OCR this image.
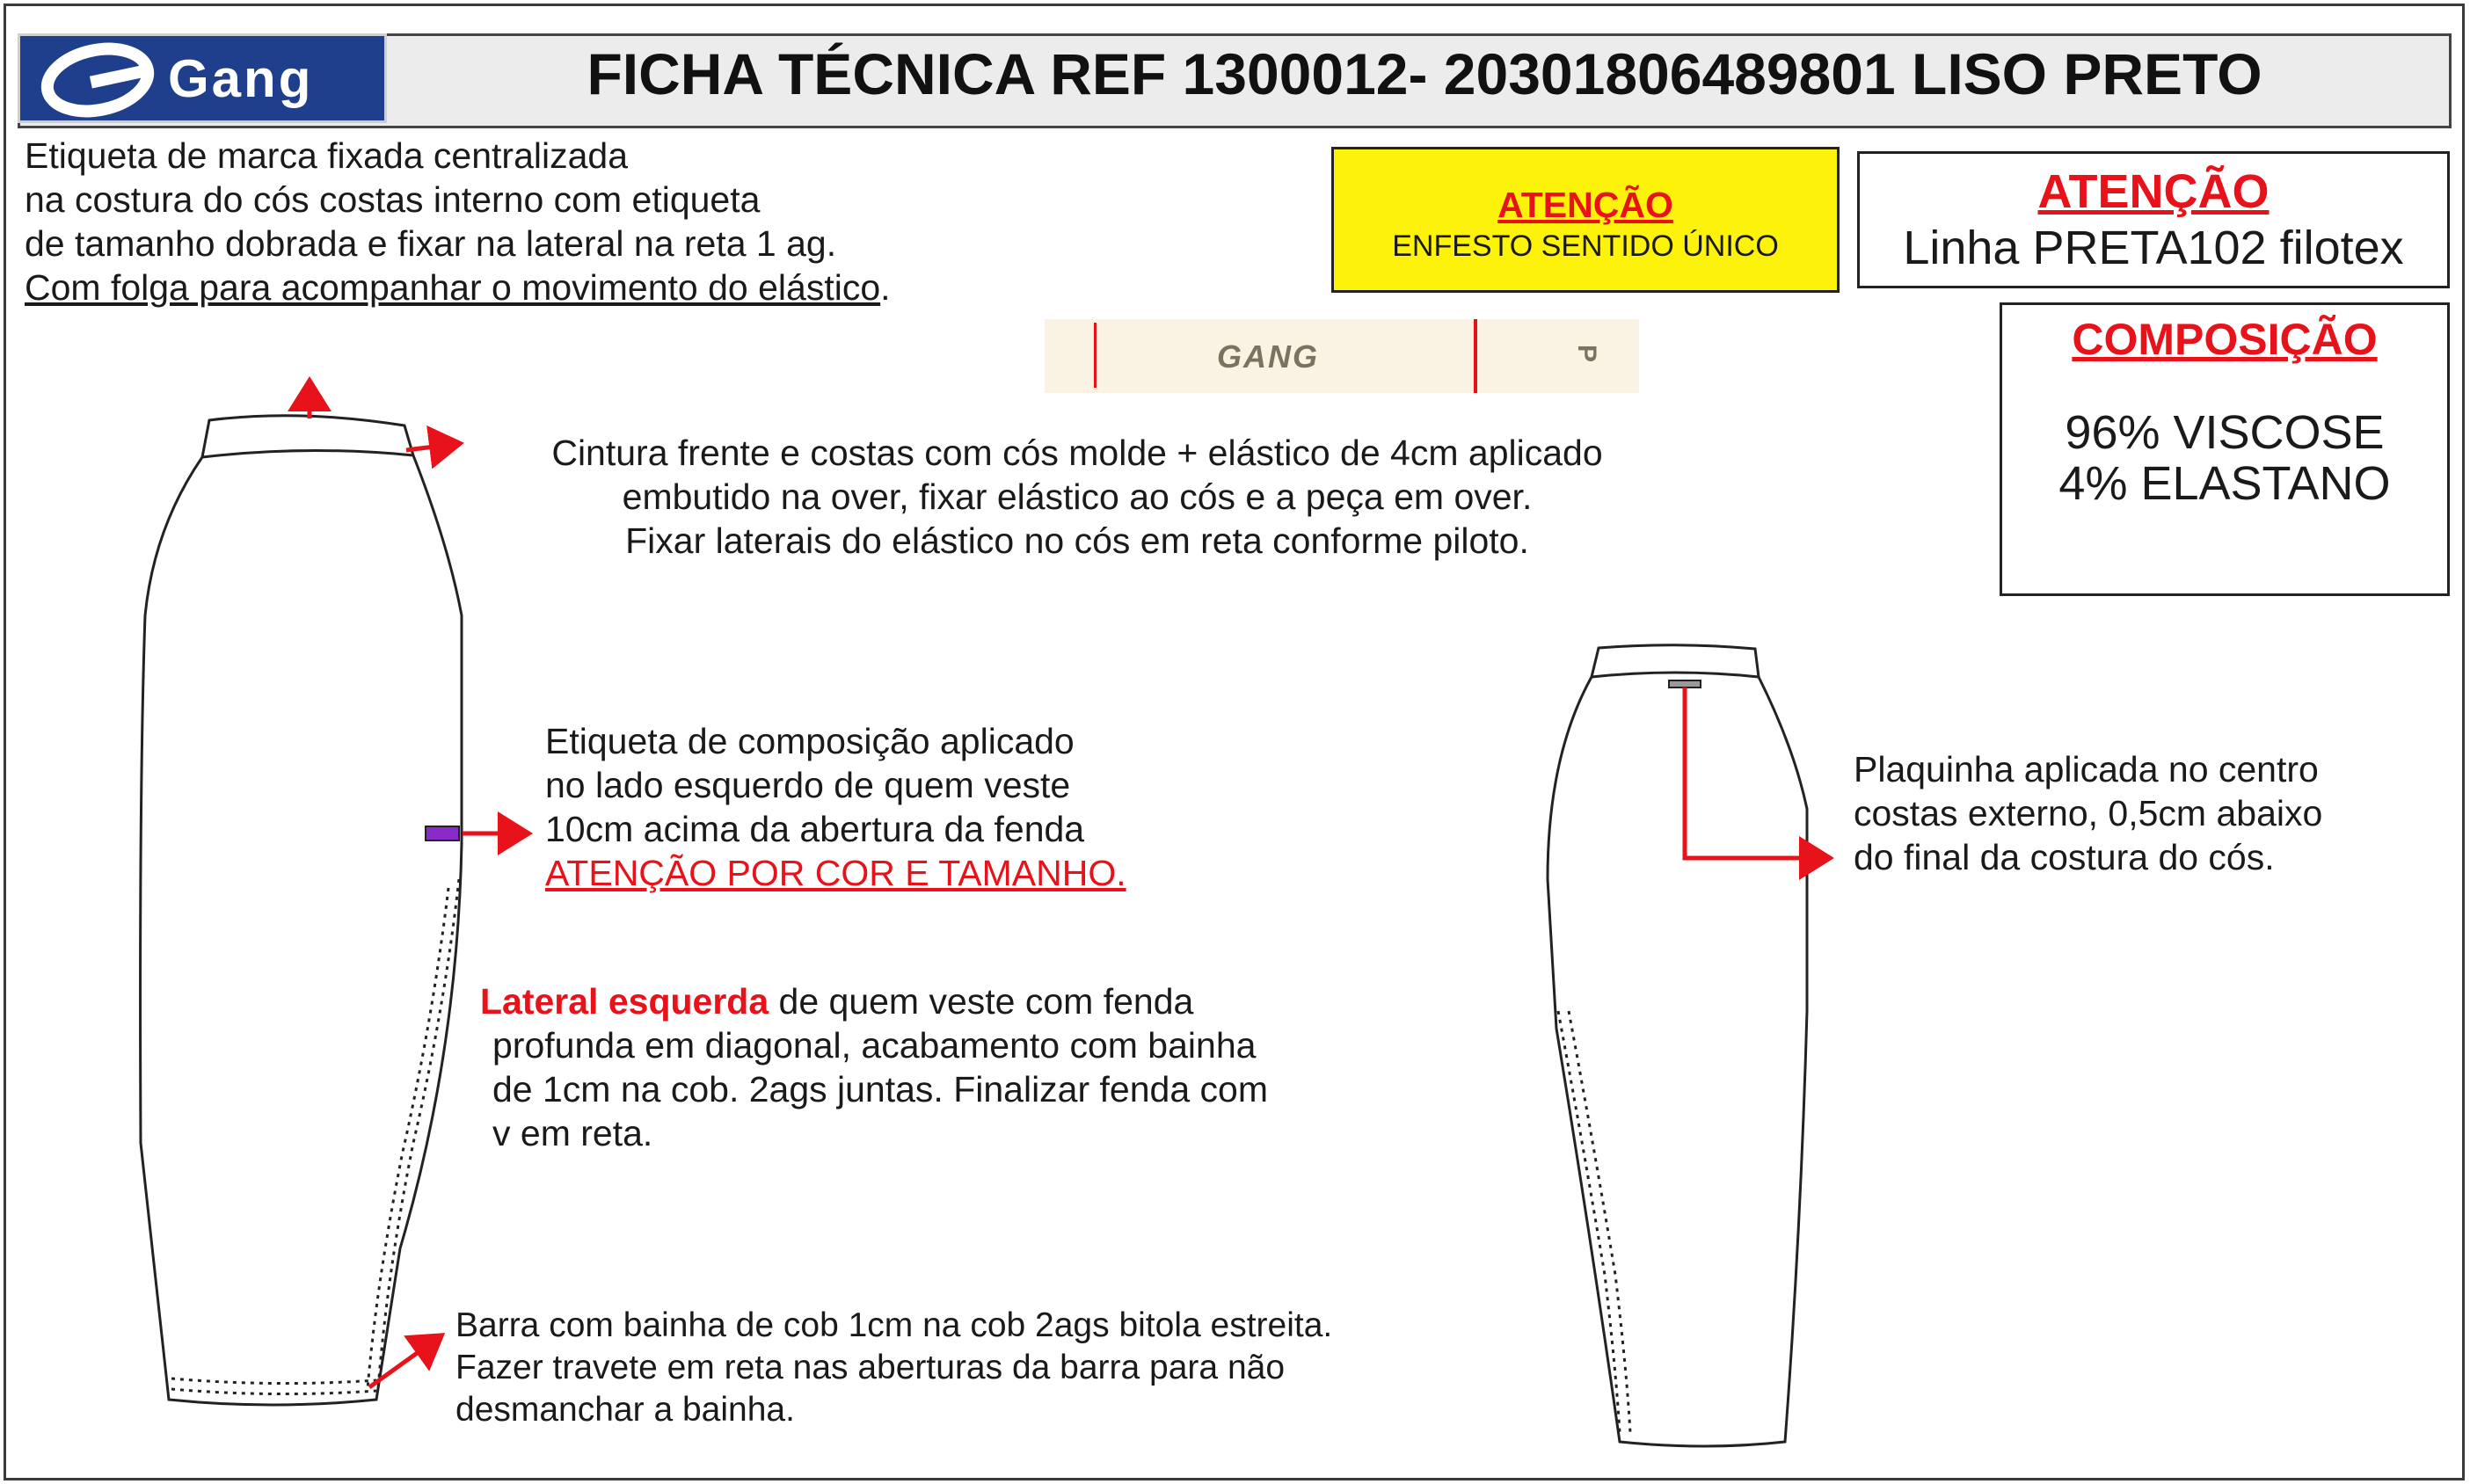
Gang	FICHA TÉCNICA REF 1300012- 20301806489801 LISO PRETO
Etiqueta de marca fixada centralizada
na costura do cós costas interno com etiqueta
de tamanho dobrada e fixar na lateral na reta 1 ag.
Com folga para acompanhar o movimento do elástico.
ATENÇÃO
ENFESTO SENTIDO ÚNICO
ATENÇÃO
Linha PRETA102 filotex
COMPOSIÇÃO
96% VISCOSE
4% ELASTANO
GANG	P
Cintura frente e costas com cós molde + elástico de 4cm aplicado
embutido na over, fixar elástico ao cós e a peça em over.
Fixar laterais do elástico no cós em reta conforme piloto.
Etiqueta de composição aplicado
no lado esquerdo de quem veste
10cm acima da abertura da fenda
ATENÇÃO POR COR E TAMANHO.
Lateral esquerda de quem veste com fenda
profunda em diagonal, acabamento com bainha
de 1cm na cob. 2ags juntas. Finalizar fenda com
v em reta.
Barra com bainha de cob 1cm na cob 2ags bitola estreita.
Fazer travete em reta nas aberturas da barra para não
desmanchar a bainha.
Plaquinha aplicada no centro
costas externo, 0,5cm abaixo
do final da costura do cós.
